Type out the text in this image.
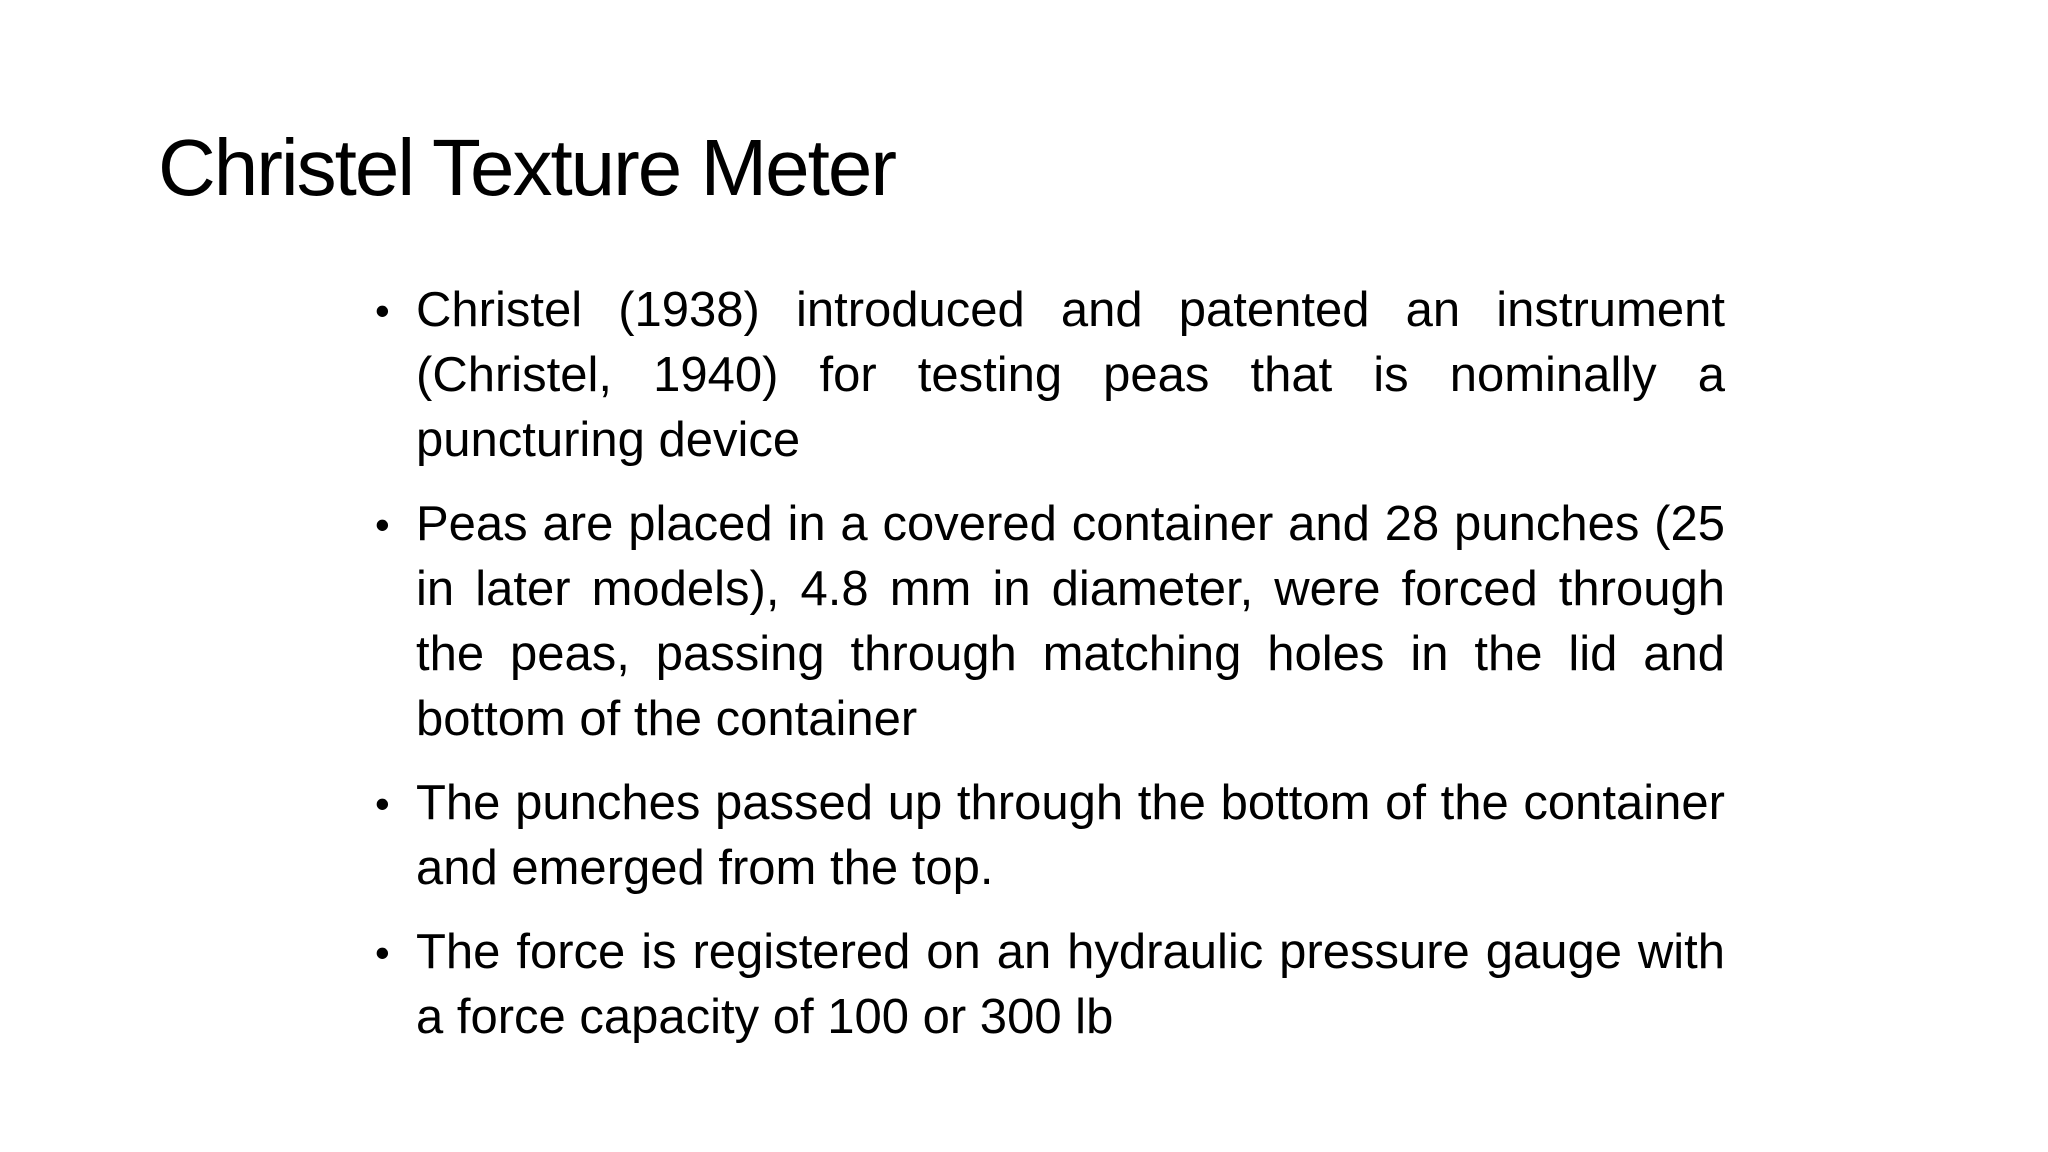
Christel Texture Meter
• Christel (1938) introduced and patented an instrument (Christel, 1940) for testing peas that is nominally a puncturing device
• Peas are placed in a covered container and 28 punches (25 in later models), 4.8 mm in diameter, were forced through the peas, passing through matching holes in the lid and bottom of the container
• The punches passed up through the bottom of the container and emerged from the top.
• The force is registered on an hydraulic pressure gauge with a force capacity of 100 or 300 lb
